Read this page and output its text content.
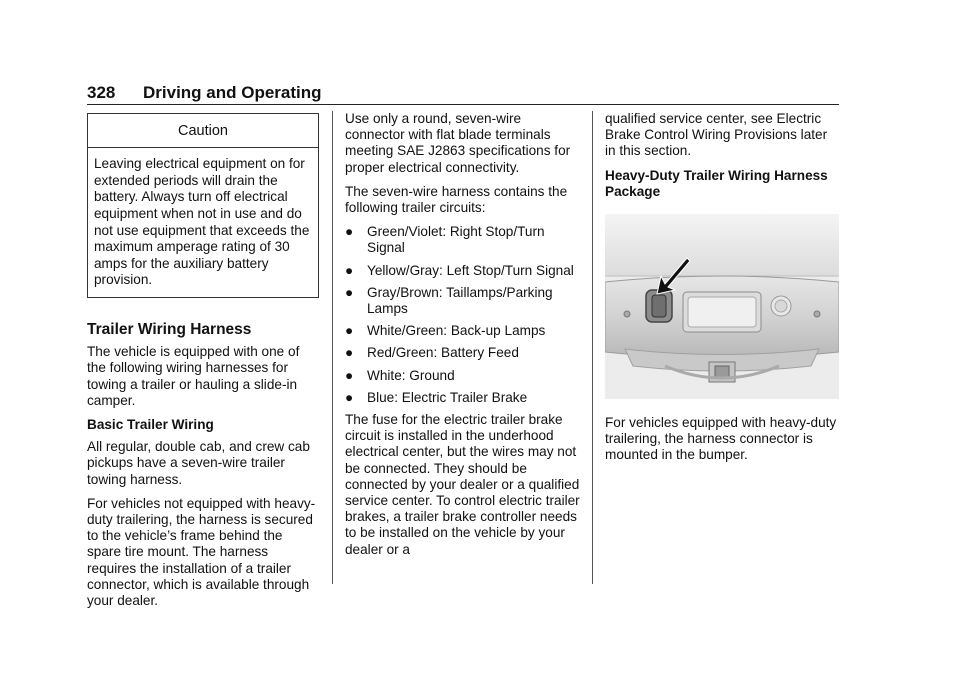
328 Driving and Operating
Caution
Leaving electrical equipment on for extended periods will drain the battery. Always turn off electrical equipment when not in use and do not use equipment that exceeds the maximum amperage rating of 30 amps for the auxiliary battery provision.
Trailer Wiring Harness

The vehicle is equipped with one of the following wiring harnesses for towing a trailer or hauling a slide-in camper.

Basic Trailer Wiring

All regular, double cab, and crew cab pickups have a seven-wire trailer towing harness.

For vehicles not equipped with heavy-duty trailering, the harness is secured to the vehicle’s frame behind the spare tire mount. The harness requires the installation of a trailer connector, which is available through your dealer.

Use only a round, seven-wire connector with flat blade terminals meeting SAE J2863 specifications for proper electrical connectivity.

The seven-wire harness contains the following trailer circuits:

● Green/Violet: Right Stop/Turn Signal
● Yellow/Gray: Left Stop/Turn Signal
● Gray/Brown: Taillamps/Parking Lamps
● White/Green: Back-up Lamps
● Red/Green: Battery Feed
● White: Ground
● Blue: Electric Trailer Brake

The fuse for the electric trailer brake circuit is installed in the underhood electrical center, but the wires may not be connected. They should be connected by your dealer or a qualified service center. To control electric trailer brakes, a trailer brake controller needs to be installed on the vehicle by your dealer or a

qualified service center, see Electric Brake Control Wiring Provisions later in this section.

Heavy-Duty Trailer Wiring Harness Package

For vehicles equipped with heavy-duty trailering, the harness connector is mounted in the bumper.
